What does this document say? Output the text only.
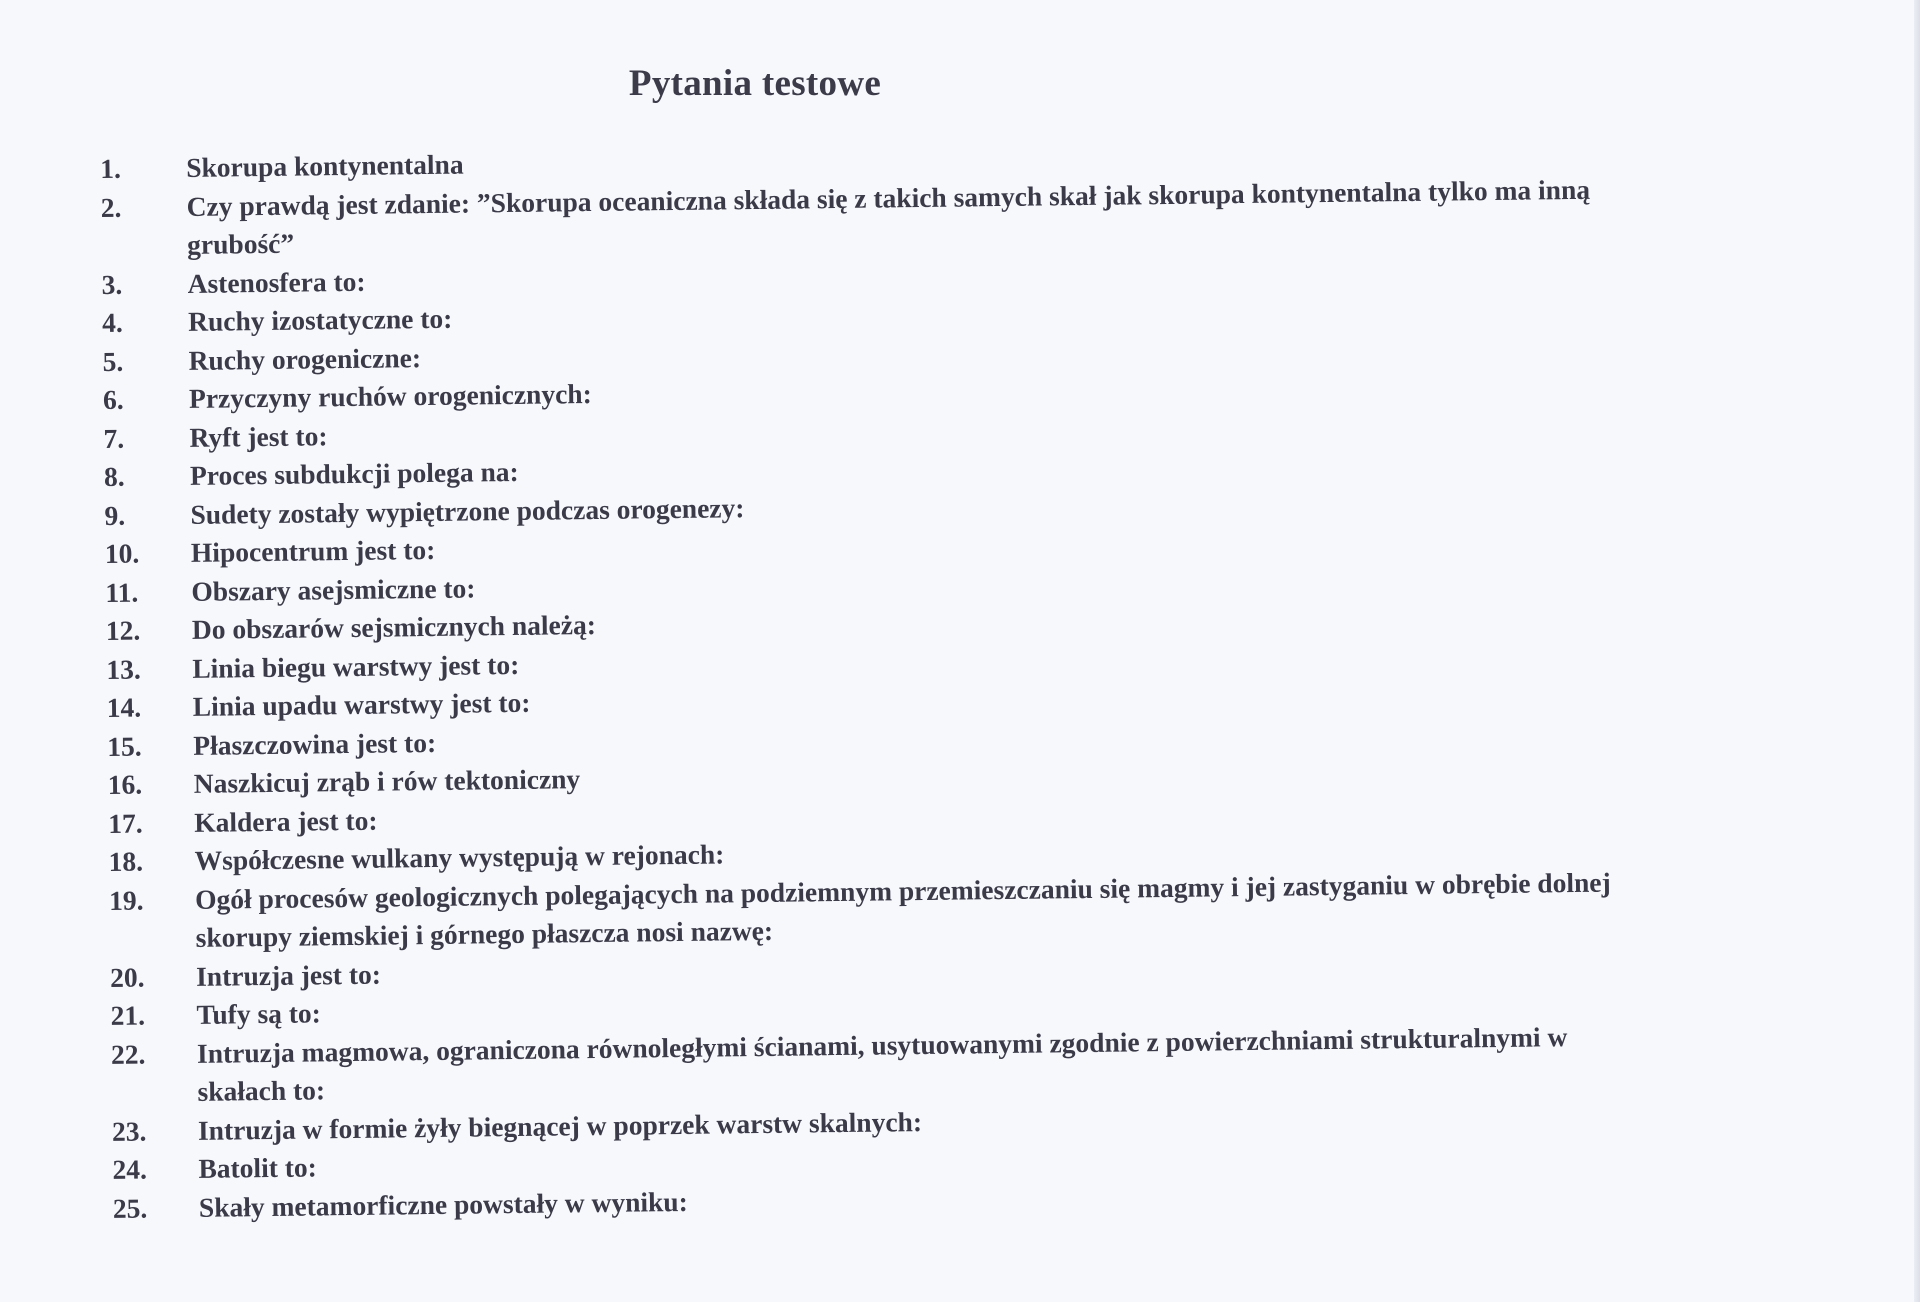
Pytania testowe
1.	Skorupa kontynentalna
2.	Czy prawdą jest zdanie: ”Skorupa oceaniczna składa się z takich samych skał jak skorupa kontynentalna tylko ma inną grubość”
3.	Astenosfera to:
4.	Ruchy izostatyczne to:
5.	Ruchy orogeniczne:
6.	Przyczyny ruchów orogenicznych:
7.	Ryft jest to:
8.	Proces subdukcji polega na:
9.	Sudety zostały wypiętrzone podczas orogenezy:
10.	Hipocentrum jest to:
11.	Obszary asejsmiczne to:
12.	Do obszarów sejsmicznych należą:
13.	Linia biegu warstwy jest to:
14.	Linia upadu warstwy jest to:
15.	Płaszczowina jest to:
16.	Naszkicuj zrąb i rów tektoniczny
17.	Kaldera jest to:
18.	Współczesne wulkany występują w rejonach:
19.	Ogół procesów geologicznych polegających na podziemnym przemieszczaniu się magmy i jej zastyganiu w obrębie dolnej skorupy ziemskiej i górnego płaszcza nosi nazwę:
20.	Intruzja jest to:
21.	Tufy są to:
22.	Intruzja magmowa, ograniczona równoległymi ścianami, usytuowanymi zgodnie z powierzchniami strukturalnymi w skałach to:
23.	Intruzja w formie żyły biegnącej w poprzek warstw skalnych:
24.	Batolit to:
25.	Skały metamorficzne powstały w wyniku:
